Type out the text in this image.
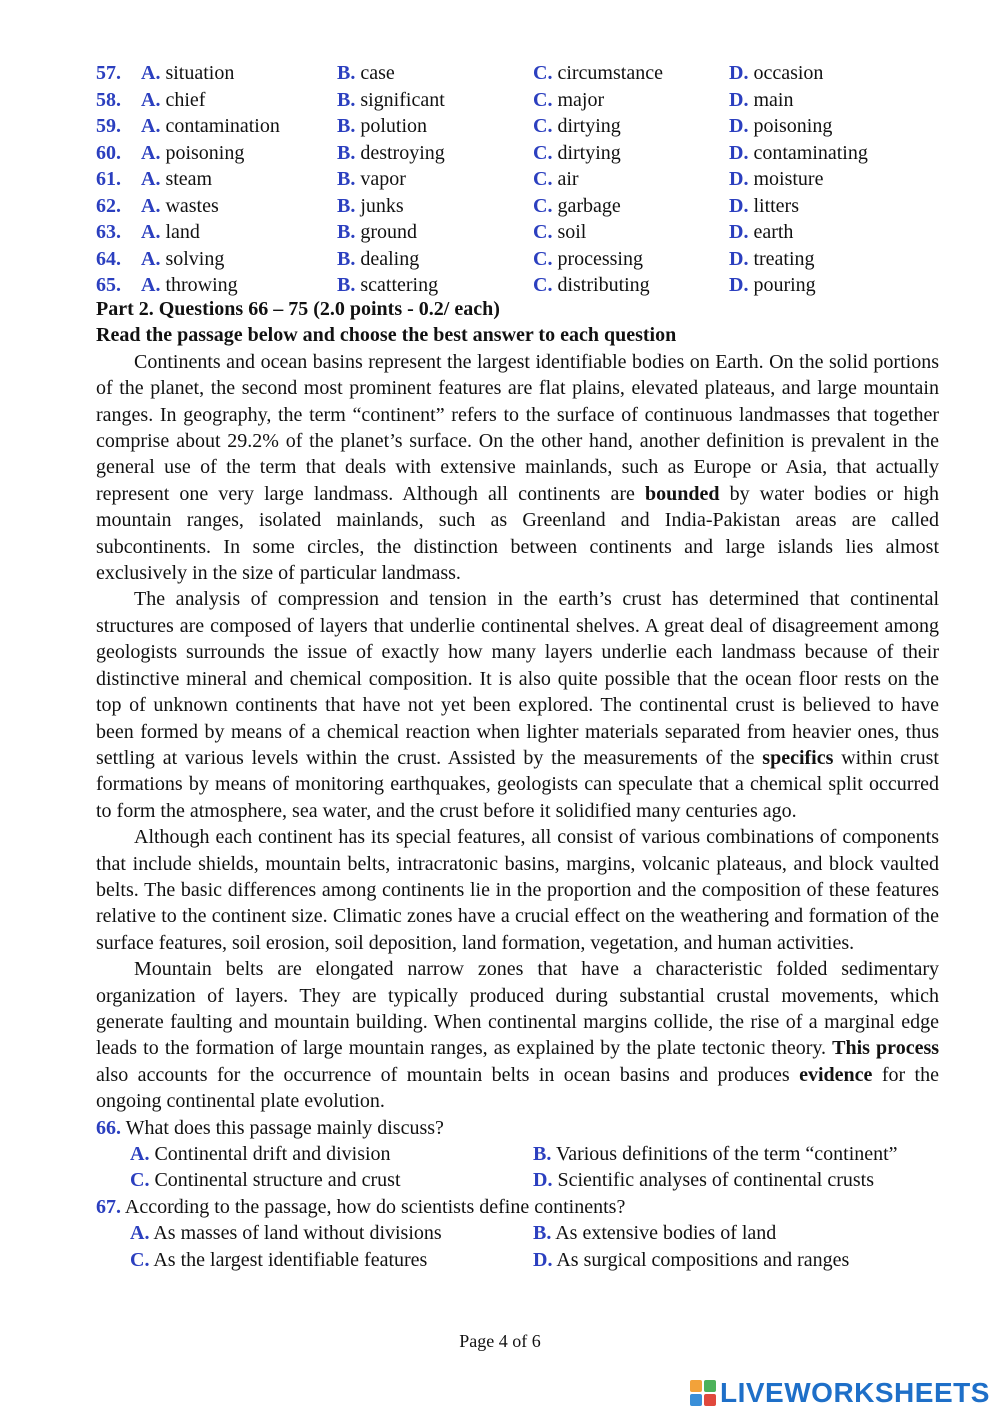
57. A. situation	B. case	C. circumstance	D. occasion
58. A. chief	B. significant	C. major	D. main
59. A. contamination	B. polution	C. dirtying	D. poisoning
60. A. poisoning	B. destroying	C. dirtying	D. contaminating
61. A. steam	B. vapor	C. air	D. moisture
62. A. wastes	B. junks	C. garbage	D. litters
63. A. land	B. ground	C. soil	D. earth
64. A. solving	B. dealing	C. processing	D. treating
65. A. throwing	B. scattering	C. distributing	D. pouring
Part 2. Questions 66 – 75 (2.0 points - 0.2/ each)
Read the passage below and choose the best answer to each question

Continents and ocean basins represent the largest identifiable bodies on Earth. On the solid portions of the planet, the second most prominent features are flat plains, elevated plateaus, and large mountain ranges. In geography, the term “continent” refers to the surface of continuous landmasses that together comprise about 29.2% of the planet’s surface. On the other hand, another definition is prevalent in the general use of the term that deals with extensive mainlands, such as Europe or Asia, that actually represent one very large landmass. Although all continents are bounded by water bodies or high mountain ranges, isolated mainlands, such as Greenland and India-Pakistan areas are called subcontinents. In some circles, the distinction between continents and large islands lies almost exclusively in the size of particular landmass.

The analysis of compression and tension in the earth’s crust has determined that continental structures are composed of layers that underlie continental shelves. A great deal of disagreement among geologists surrounds the issue of exactly how many layers underlie each landmass because of their distinctive mineral and chemical composition. It is also quite possible that the ocean floor rests on the top of unknown continents that have not yet been explored. The continental crust is believed to have been formed by means of a chemical reaction when lighter materials separated from heavier ones, thus settling at various levels within the crust. Assisted by the measurements of the specifics within crust formations by means of monitoring earthquakes, geologists can speculate that a chemical split occurred to form the atmosphere, sea water, and the crust before it solidified many centuries ago.

Although each continent has its special features, all consist of various combinations of components that include shields, mountain belts, intracratonic basins, margins, volcanic plateaus, and block vaulted belts. The basic differences among continents lie in the proportion and the composition of these features relative to the continent size. Climatic zones have a crucial effect on the weathering and formation of the surface features, soil erosion, soil deposition, land formation, vegetation, and human activities.

Mountain belts are elongated narrow zones that have a characteristic folded sedimentary organization of layers. They are typically produced during substantial crustal movements, which generate faulting and mountain building. When continental margins collide, the rise of a marginal edge leads to the formation of large mountain ranges, as explained by the plate tectonic theory. This process also accounts for the occurrence of mountain belts in ocean basins and produces evidence for the ongoing continental plate evolution.

66. What does this passage mainly discuss?

A. Continental drift and division	B. Various definitions of the term “continent”
C. Continental structure and crust	D. Scientific analyses of continental crusts

67. According to the passage, how do scientists define continents?

A. As masses of land without divisions	B. As extensive bodies of land
C. As the largest identifiable features	D. As surgical compositions and ranges
Page 4 of 6
LIVEWORKSHEETS
